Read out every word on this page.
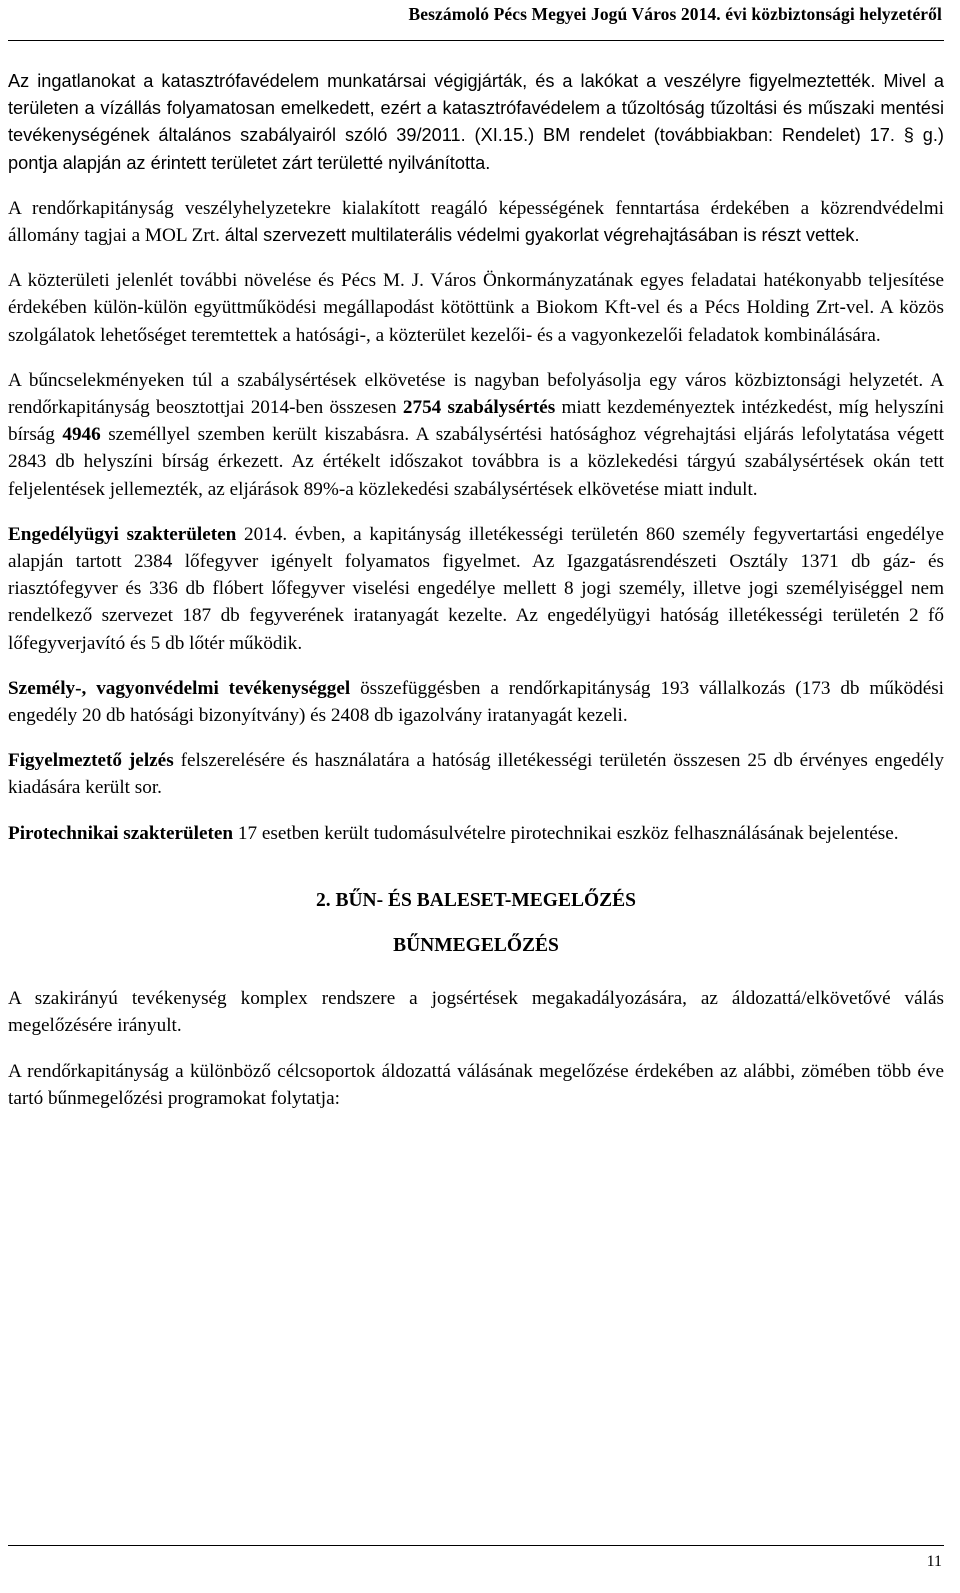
Beszámoló Pécs Megyei Jogú Város 2014. évi közbiztonsági helyzetéről

Az ingatlanokat a katasztrófavédelem munkatársai végigjárták, és a lakókat a veszélyre figyelmeztették. Mivel a területen a vízállás folyamatosan emelkedett, ezért a katasztrófavédelem a tűzoltóság tűzoltási és műszaki mentési tevékenységének általános szabályairól szóló 39/2011. (XI.15.) BM rendelet (továbbiakban: Rendelet) 17. § g.) pontja alapján az érintett területet zárt területté nyilvánította.

A rendőrkapitányság veszélyhelyzetekre kialakított reagáló képességének fenntartása érdekében a közrendvédelmi állomány tagjai a MOL Zrt. által szervezett multilaterális védelmi gyakorlat végrehajtásában is részt vettek.

A közterületi jelenlét további növelése és Pécs M. J. Város Önkormányzatának egyes feladatai hatékonyabb teljesítése érdekében külön-külön együttműködési megállapodást kötöttünk a Biokom Kft-vel és a Pécs Holding Zrt-vel. A közös szolgálatok lehetőséget teremtettek a hatósági-, a közterület kezelői- és a vagyonkezelői feladatok kombinálására.

A bűncselekményeken túl a szabálysértések elkövetése is nagyban befolyásolja egy város közbiztonsági helyzetét. A rendőrkapitányság beosztottjai 2014-ben összesen 2754 szabálysértés miatt kezdeményeztek intézkedést, míg helyszíni bírság 4946 személlyel szemben került kiszabásra. A szabálysértési hatósághoz végrehajtási eljárás lefolytatása végett 2843 db helyszíni bírság érkezett. Az értékelt időszakot továbbra is a közlekedési tárgyú szabálysértések okán tett feljelentések jellemezték, az eljárások 89%-a közlekedési szabálysértések elkövetése miatt indult.

Engedélyügyi szakterületen 2014. évben, a kapitányság illetékességi területén 860 személy fegyvertartási engedélye alapján tartott 2384 lőfegyver igényelt folyamatos figyelmet. Az Igazgatásrendészeti Osztály 1371 db gáz- és riasztófegyver és 336 db flóbert lőfegyver viselési engedélye mellett 8 jogi személy, illetve jogi személyiséggel nem rendelkező szervezet 187 db fegyverének iratanyagát kezelte. Az engedélyügyi hatóság illetékességi területén 2 fő lőfegyverjavító és 5 db lőtér működik.

Személy-, vagyonvédelmi tevékenységgel összefüggésben a rendőrkapitányság 193 vállalkozás (173 db működési engedély 20 db hatósági bizonyítvány) és 2408 db igazolvány iratanyagát kezeli.

Figyelmeztető jelzés felszerelésére és használatára a hatóság illetékességi területén összesen 25 db érvényes engedély kiadására került sor.

Pirotechnikai szakterületen 17 esetben került tudomásulvételre pirotechnikai eszköz felhasználásának bejelentése.

2. BŰN- ÉS BALESET-MEGELŐZÉS
BŰNMEGELŐZÉS

A szakirányú tevékenység komplex rendszere a jogsértések megakadályozására, az áldozattá/elkövetővé válás megelőzésére irányult.

A rendőrkapitányság a különböző célcsoportok áldozattá válásának megelőzése érdekében az alábbi, zömében több éve tartó bűnmegelőzési programokat folytatja:

11
